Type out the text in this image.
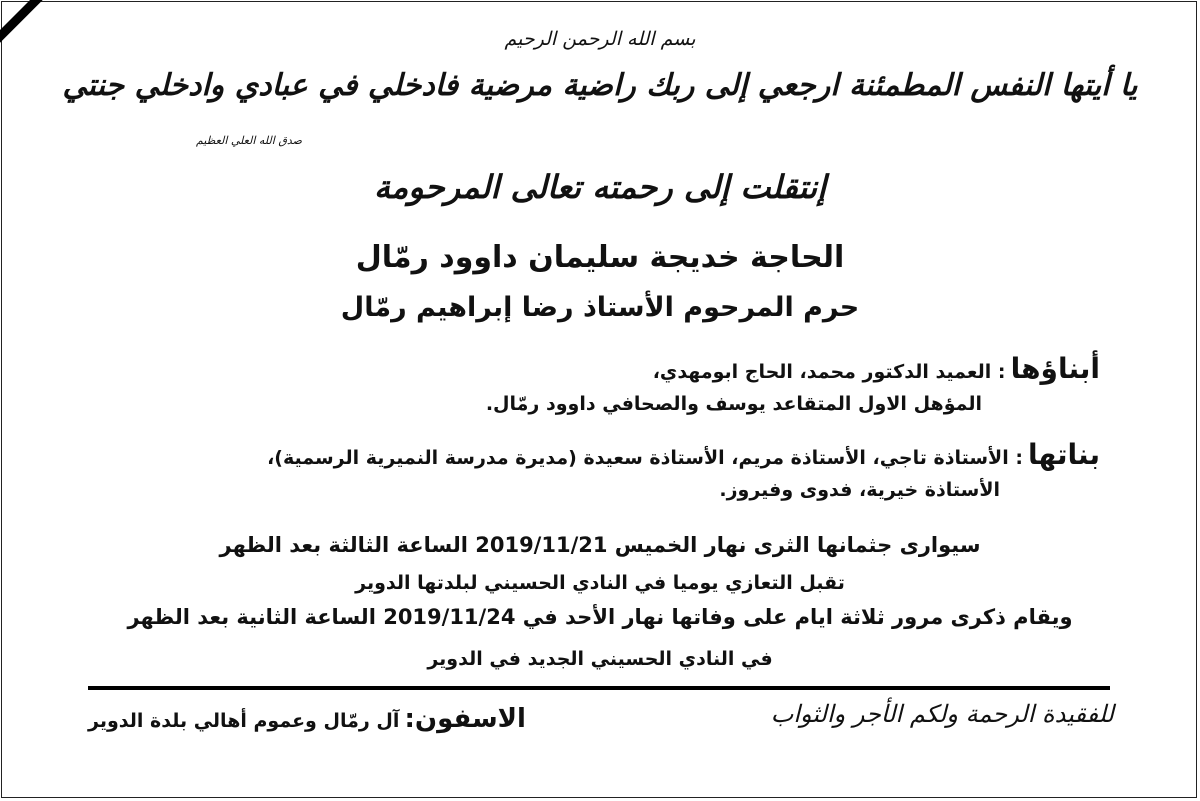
بسم الله الرحمن الرحيم
يا أيتها النفس المطمئنة ارجعي إلى ربك راضية مرضية فادخلي في عبادي وادخلي جنتي
صدق الله العلي العظيم
إنتقلت إلى رحمته تعالى المرحومة
الحاجة خديجة سليمان داوود رمّال
حرم المرحوم الأستاذ رضا إبراهيم رمّال
أبناؤها : العميد الدكتور محمد، الحاج ابومهدي،
المؤهل الاول المتقاعد يوسف والصحافي داوود رمّال.
بناتها : الأستاذة تاجي، الأستاذة مريم، الأستاذة سعيدة (مديرة مدرسة النميرية الرسمية)،
الأستاذة خيرية، فدوى وفيروز.
سيوارى جثمانها الثرى نهار الخميس 2019/11/21 الساعة الثالثة بعد الظهر
تقبل التعازي يوميا في النادي الحسيني لبلدتها الدوير
ويقام ذكرى مرور ثلاثة ايام على وفاتها نهار الأحد في 2019/11/24 الساعة الثانية بعد الظهر
في النادي الحسيني الجديد في الدوير
الاسفون: آل رمّال وعموم أهالي بلدة الدوير	للفقيدة الرحمة ولكم الأجر والثواب
